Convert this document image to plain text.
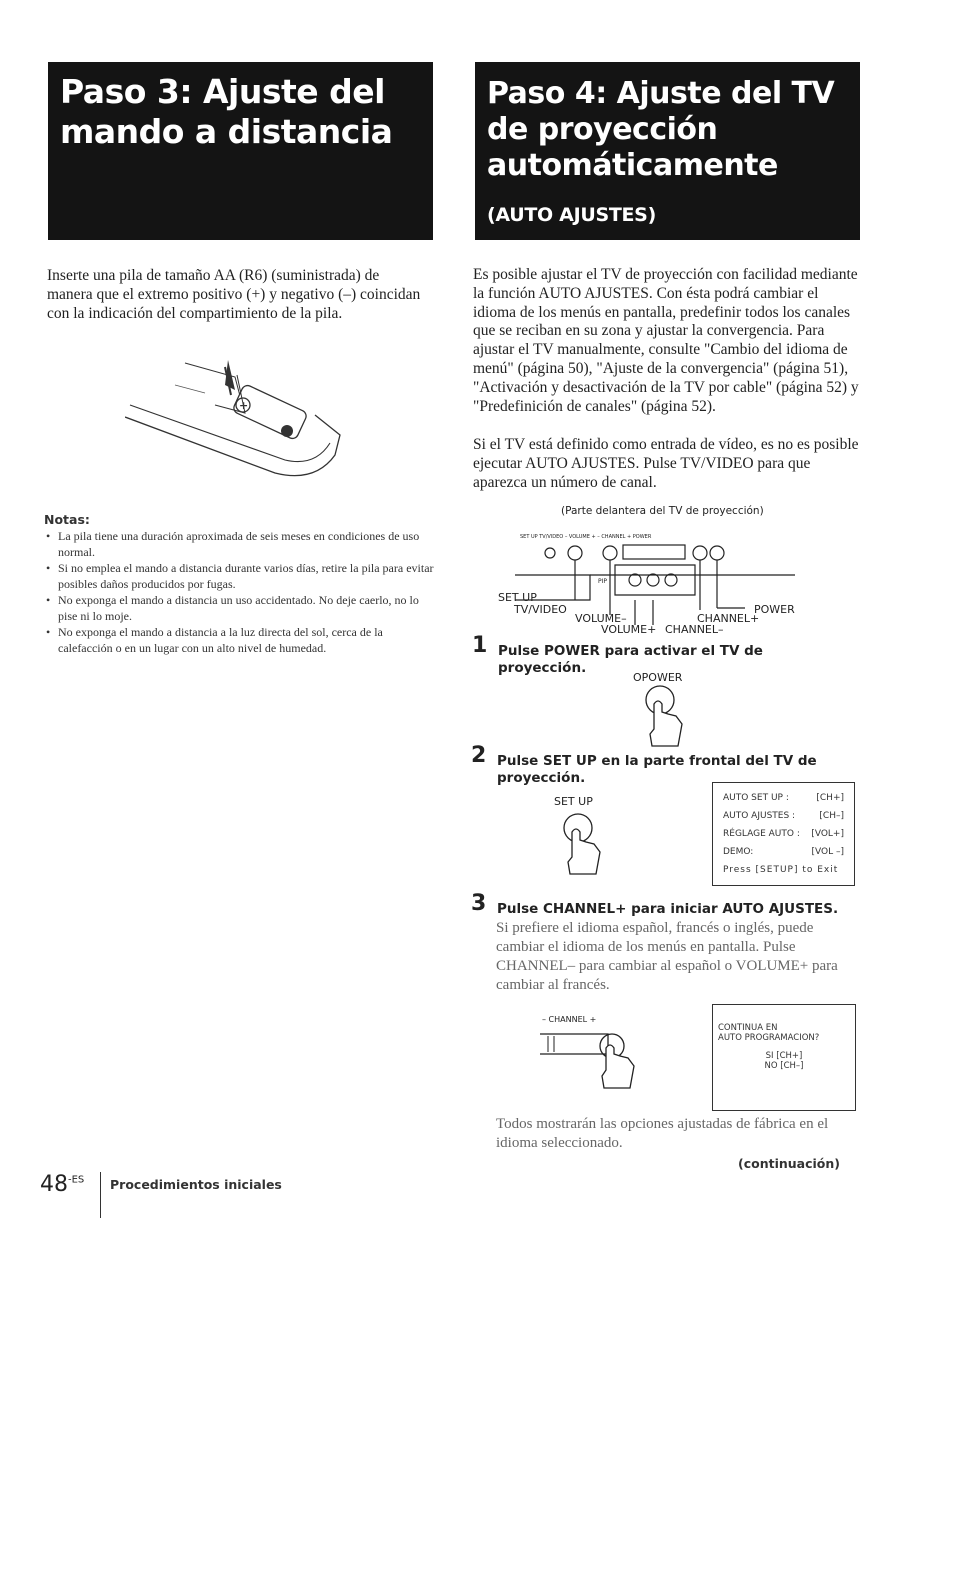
Paso 3: Ajuste del
mando a distancia
Paso 4: Ajuste del TV
de proyección
automáticamente
(AUTO AJUSTES)
Inserte una pila de tamaño AA (R6) (suministrada) de manera que el extremo positivo (+) y negativo (–) coincidan con la indicación del compartimiento de la pila.
+
Notas:
• La pila tiene una duración aproximada de seis meses en condiciones de uso normal.
• Si no emplea el mando a distancia durante varios días, retire la pila para evitar posibles daños producidos por fugas.
• No exponga el mando a distancia un uso accidentado. No deje caerlo, no lo pise ni lo moje.
• No exponga el mando a distancia a la luz directa del sol, cerca de la calefacción o en un lugar con un alto nivel de humedad.
Es posible ajustar el TV de proyección con facilidad mediante la función AUTO AJUSTES. Con ésta podrá cambiar el idioma de los menús en pantalla, predefinir todos los canales que se reciban en su zona y ajustar la convergencia. Para ajustar el TV manualmente, consulte "Cambio del idioma de menú" (página 50), "Ajuste de la convergencia" (página 51), "Activación y desactivación de la TV por cable" (página 52) y "Predefinición de canales" (página 52).
Si el TV está definido como entrada de vídeo, es no es posible ejecutar AUTO AJUSTES. Pulse TV/VIDEO para que aparezca un número de canal.
(Parte delantera del TV de proyección)
SET UP TV/VIDEO – VOLUME + – CHANNEL + POWER
PIP
SET UP
TV/VIDEO
VOLUME–
VOLUME+
CHANNEL+
CHANNEL–
POWER
1 Pulse POWER para activar el TV de proyección.
OPOWER
2 Pulse SET UP en la parte frontal del TV de proyección.
SET UP	AUTO SET UP :	[CH+]
AUTO AJUSTES :	[CH–]
RÉGLAGE AUTO : [VOL+]
DEMO:	[VOL –]
Press [SETUP] to Exit
3 Pulse CHANNEL+ para iniciar AUTO AJUSTES.
Si prefiere el idioma español, francés o inglés, puede cambiar el idioma de los menús en pantalla. Pulse CHANNEL– para cambiar al español o VOLUME+ para cambiar al francés.
– CHANNEL +
CONTINUA EN
AUTO PROGRAMACION?
SI [CH+]
NO [CH–]
Todos mostrarán las opciones ajustadas de fábrica en el idioma seleccionado.
(continuación)
$48^{-ES}$ Procedimientos iniciales
